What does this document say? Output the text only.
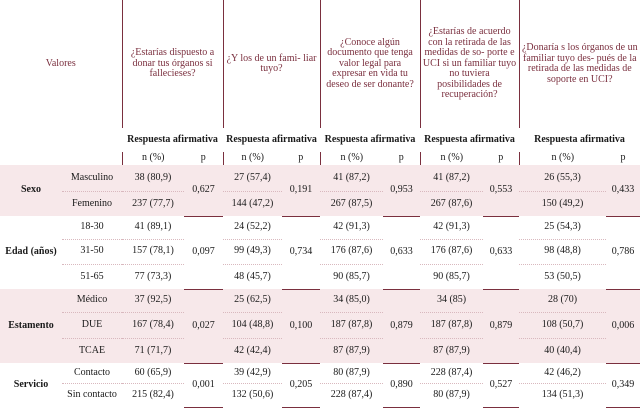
Valores		¿Estarías dispuesto a donar tus órganos si fallecieses?		¿Y los de un fami- liar tuyo?		¿Conoce algún documento que tenga valor legal para expresar en vida tu deseo de ser donante?		¿Estarías de acuerdo con la retirada de las medidas de so- porte e UCI si un familiar tuyo no tuviera posibilidades de recuperación?		¿Donaría s los órganos de un familiar tuyo des- pués de la retirada de las medidas de soporte en UCI?	
		Respuesta afirmativa		Respuesta afirmativa		Respuesta afirmativa		Respuesta afirmativa		Respuesta afirmativa	
		n (%)	p	n (%)	p	n (%)	p	n (%)	p	n (%)	p
Sexo	Masculino	38 (80,9)	0,627	27 (57,4)	0,191	41 (87,2)	0,953	41 (87,2)	0,553	26 (55,3)	0,433
	Femenino	237 (77,7)		144 (47,2)		267 (87,5)		267 (87,6)		150 (49,2)	
Edad (años)	18-30	41 (89,1)	0,097	24 (52,2)	0,734	42 (91,3)	0,633	42 (91,3)	0,633	25 (54,3)	0,786
	31-50	157 (78,1)		99 (49,3)		176 (87,6)		176 (87,6)		98 (48,8)	
	51-65	77 (73,3)		48 (45,7)		90 (85,7)		90 (85,7)		53 (50,5)	
Estamento	Médico	37 (92,5)	0,027	25 (62,5)	0,100	34 (85,0)	0,879	34 (85)	0,879	28 (70)	0,006
	DUE	167 (78,4)		104 (48,8)		187 (87,8)		187 (87,8)		108 (50,7)	
	TCAE	71 (71,7)		42 (42,4)		87 (87,9)		87 (87,9)		40 (40,4)	
Servicio	Contacto	60 (65,9)	0,001	39 (42,9)	0,205	80 (87,9)	0,890	228 (87,4)	0,527	42 (46,2)	0,349
	Sin contacto	215 (82,4)		132 (50,6)		228 (87,4)		80 (87,9)		134 (51,3)	
